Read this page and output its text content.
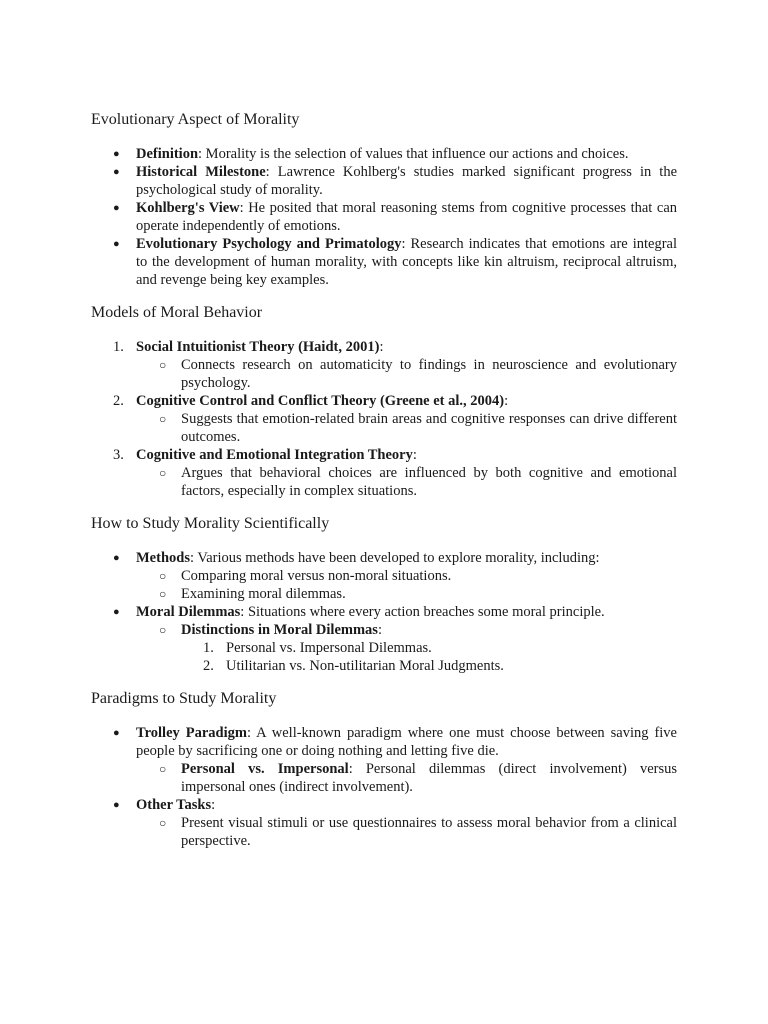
Evolutionary Aspect of Morality
● Definition: Morality is the selection of values that influence our actions and choices.
● Historical Milestone: Lawrence Kohlberg's studies marked significant progress in the psychological study of morality.
● Kohlberg's View: He posited that moral reasoning stems from cognitive processes that can operate independently of emotions.
● Evolutionary Psychology and Primatology: Research indicates that emotions are integral to the development of human morality, with concepts like kin altruism, reciprocal altruism, and revenge being key examples.
Models of Moral Behavior
1. Social Intuitionist Theory (Haidt, 2001):
○ Connects research on automaticity to findings in neuroscience and evolutionary psychology.
2. Cognitive Control and Conflict Theory (Greene et al., 2004):
○ Suggests that emotion-related brain areas and cognitive responses can drive different outcomes.
3. Cognitive and Emotional Integration Theory:
○ Argues that behavioral choices are influenced by both cognitive and emotional factors, especially in complex situations.
How to Study Morality Scientifically
● Methods: Various methods have been developed to explore morality, including:
○ Comparing moral versus non-moral situations.
○ Examining moral dilemmas.
● Moral Dilemmas: Situations where every action breaches some moral principle.
○ Distinctions in Moral Dilemmas:
1. Personal vs. Impersonal Dilemmas.
2. Utilitarian vs. Non-utilitarian Moral Judgments.
Paradigms to Study Morality
● Trolley Paradigm: A well-known paradigm where one must choose between saving five people by sacrificing one or doing nothing and letting five die.
○ Personal vs. Impersonal: Personal dilemmas (direct involvement) versus impersonal ones (indirect involvement).
● Other Tasks:
○ Present visual stimuli or use questionnaires to assess moral behavior from a clinical perspective.
